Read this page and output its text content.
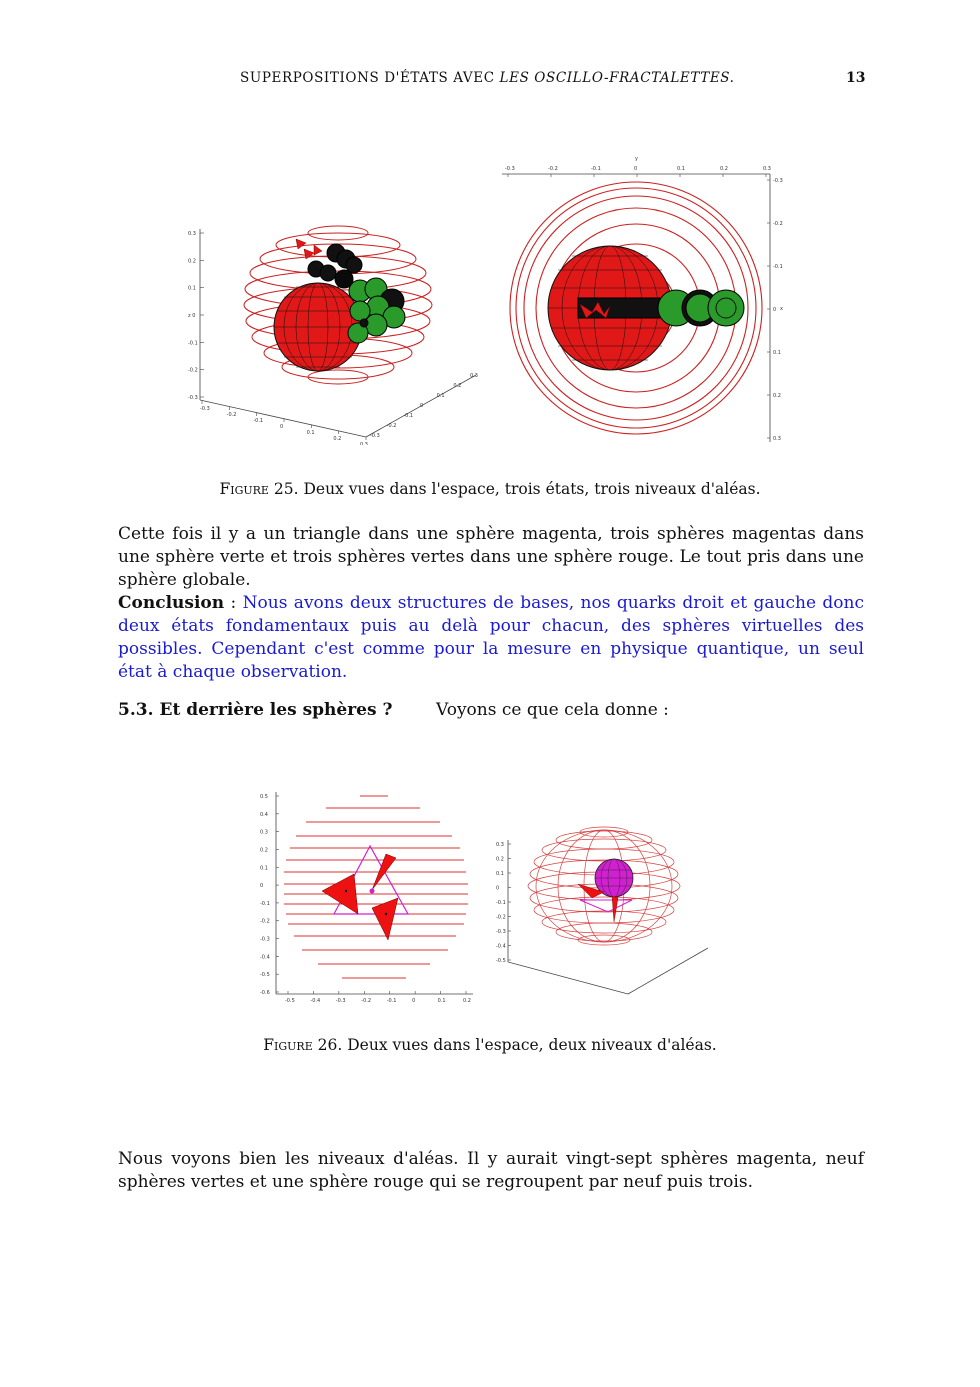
SUPERPOSITIONS D'ÉTATS AVEC LES OSCILLO-FRACTALETTES.	13
0.3
0.2
0.1
z 0
-0.1
-0.2
-0.3
-0.3
-0.2
-0.1
0
0.1
0.2
0.3
0.3
0.2
0.1
0
-0.1
-0.2
-0.3
-0.3	-0.2	-0.1	0	0.1	0.2	0.3
-0.3
-0.2
-0.1
0
0.1
0.2
0.3
y
x
Figure 25. Deux vues dans l'espace, trois états, trois niveaux d'aléas.
Cette fois il y a un triangle dans une sphère magenta, trois sphères magentas dans une sphère verte et trois sphères vertes dans une sphère rouge. Le tout pris dans une sphère globale.
Conclusion : Nous avons deux structures de bases, nos quarks droit et gauche donc deux états fondamentaux puis au delà pour chacun, des sphères virtuelles des possibles. Cependant c'est comme pour la mesure en physique quantique, un seul état à chaque observation.
5.3. Et derrière les sphères ?	Voyons ce que cela donne :
0.5
0.4
0.3
0.2
0.1
0
-0.1
-0.2
-0.3
-0.4
-0.5
-0.6
-0.5	-0.4	-0.3	-0.2	-0.1	0	0.1	0.2
0.3
0.2
0.1
0
-0.1
-0.2
-0.3
-0.4
-0.5
Figure 26. Deux vues dans l'espace, deux niveaux d'aléas.
Nous voyons bien les niveaux d'aléas. Il y aurait vingt-sept sphères magenta, neuf sphères vertes et une sphère rouge qui se regroupent par neuf puis trois.
